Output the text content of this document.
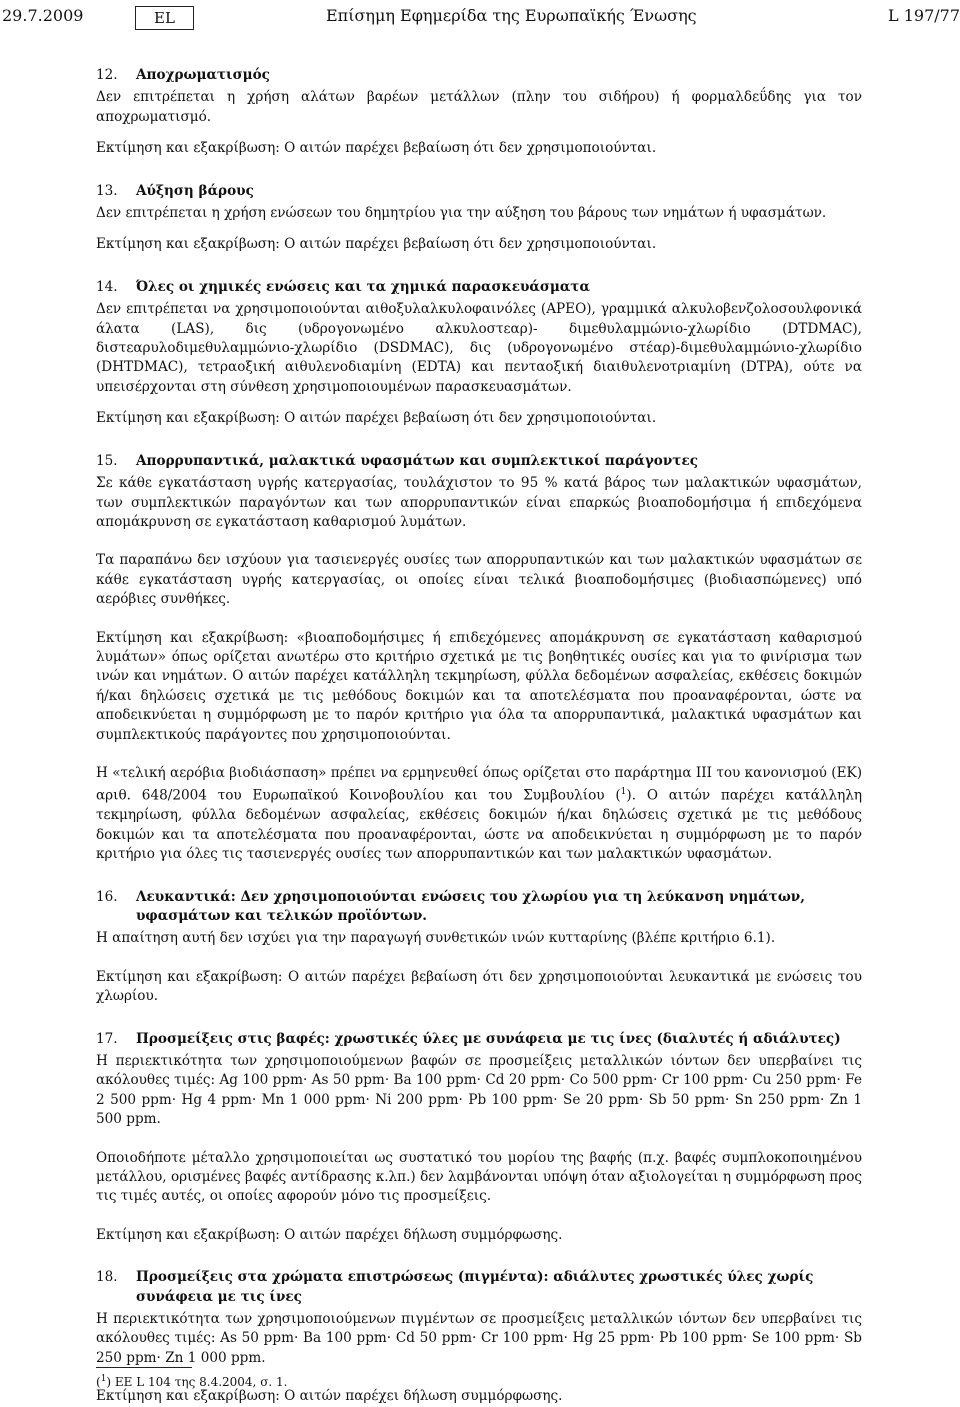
29.7.2009	EL	Επίσημη Εφημερίδα της Ευρωπαϊκής Ένωσης	L 197/77
12.	Αποχρωματισμός

Δεν επιτρέπεται η χρήση αλάτων βαρέων μετάλλων (πλην του σιδήρου) ή φορμαλδεΰδης για τον αποχρωματισμό.

Εκτίμηση και εξακρίβωση: Ο αιτών παρέχει βεβαίωση ότι δεν χρησιμοποιούνται.

13.	Αύξηση βάρους

Δεν επιτρέπεται η χρήση ενώσεων του δημητρίου για την αύξηση του βάρους των νημάτων ή υφασμάτων.

Εκτίμηση και εξακρίβωση: Ο αιτών παρέχει βεβαίωση ότι δεν χρησιμοποιούνται.

14.	Όλες οι χημικές ενώσεις και τα χημικά παρασκευάσματα

Δεν επιτρέπεται να χρησιμοποιούνται αιθοξυλαλκυλοφαινόλες (APEO), γραμμικά αλκυλοβενζολοσουλφονικά άλατα (LAS), δις (υδρογονωμένο αλκυλοστεαρ)- διμεθυλαμμώνιο-χλωρίδιο (DTDMAC), διστεαρυλοδιμεθυλαμμώνιο-χλωρίδιο (DSDMAC), δις (υδρογονωμένο στέαρ)-διμεθυλαμμώνιο-χλωρίδιο (DHTDMAC), τετραοξική αιθυλενοδιαμίνη (EDTA) και πενταοξική διαιθυλενοτριαμίνη (DTPA), ούτε να υπεισέρχονται στη σύνθεση χρησιμοποιουμένων παρασκευασμάτων.

Εκτίμηση και εξακρίβωση: Ο αιτών παρέχει βεβαίωση ότι δεν χρησιμοποιούνται.

15.	Απορρυπαντικά, μαλακτικά υφασμάτων και συμπλεκτικοί παράγοντες

Σε κάθε εγκατάσταση υγρής κατεργασίας, τουλάχιστον το 95 % κατά βάρος των μαλακτικών υφασμάτων, των συμπλεκτικών παραγόντων και των απορρυπαντικών είναι επαρκώς βιοαποδομήσιμα ή επιδεχόμενα απομάκρυνση σε εγκατάσταση καθαρισμού λυμάτων.

Τα παραπάνω δεν ισχύουν για τασιενεργές ουσίες των απορρυπαντικών και των μαλακτικών υφασμάτων σε κάθε εγκατάσταση υγρής κατεργασίας, οι οποίες είναι τελικά βιοαποδομήσιμες (βιοδιασπώμενες) υπό αερόβιες συνθήκες.

Εκτίμηση και εξακρίβωση: «βιοαποδομήσιμες ή επιδεχόμενες απομάκρυνση σε εγκατάσταση καθαρισμού λυμάτων» όπως ορίζεται ανωτέρω στο κριτήριο σχετικά με τις βοηθητικές ουσίες και για το φινίρισμα των ινών και νημάτων. Ο αιτών παρέχει κατάλληλη τεκμηρίωση, φύλλα δεδομένων ασφαλείας, εκθέσεις δοκιμών ή/και δηλώσεις σχετικά με τις μεθόδους δοκιμών και τα αποτελέσματα που προαναφέρονται, ώστε να αποδεικνύεται η συμμόρφωση με το παρόν κριτήριο για όλα τα απορρυπαντικά, μαλακτικά υφασμάτων και συμπλεκτικούς παράγοντες που χρησιμοποιούνται.

Η «τελική αερόβια βιοδιάσπαση» πρέπει να ερμηνευθεί όπως ορίζεται στο παράρτημα III του κανονισμού (ΕΚ) αριθ. 648/2004 του Ευρωπαϊκού Κοινοβουλίου και του Συμβουλίου ($^1$). Ο αιτών παρέχει κατάλληλη τεκμηρίωση, φύλλα δεδομένων ασφαλείας, εκθέσεις δοκιμών ή/και δηλώσεις σχετικά με τις μεθόδους δοκιμών και τα αποτελέσματα που προαναφέρονται, ώστε να αποδεικνύεται η συμμόρφωση με το παρόν κριτήριο για όλες τις τασιενεργές ουσίες των απορρυπαντικών και των μαλακτικών υφασμάτων.

16.	Λευκαντικά: Δεν χρησιμοποιούνται ενώσεις του χλωρίου για τη λεύκανση νημάτων, υφασμάτων και τελικών προϊόντων.

Η απαίτηση αυτή δεν ισχύει για την παραγωγή συνθετικών ινών κυτταρίνης (βλέπε κριτήριο 6.1).

Εκτίμηση και εξακρίβωση: Ο αιτών παρέχει βεβαίωση ότι δεν χρησιμοποιούνται λευκαντικά με ενώσεις του χλωρίου.

17.	Προσμείξεις στις βαφές: χρωστικές ύλες με συνάφεια με τις ίνες (διαλυτές ή αδιάλυτες)

Η περιεκτικότητα των χρησιμοποιούμενων βαφών σε προσμείξεις μεταλλικών ιόντων δεν υπερβαίνει τις ακόλουθες τιμές: Ag 100 ppm· As 50 ppm· Ba 100 ppm· Cd 20 ppm· Co 500 ppm· Cr 100 ppm· Cu 250 ppm· Fe 2 500 ppm· Hg 4 ppm· Mn 1 000 ppm· Ni 200 ppm· Pb 100 ppm· Se 20 ppm· Sb 50 ppm· Sn 250 ppm· Zn 1 500 ppm.

Οποιοδήποτε μέταλλο χρησιμοποιείται ως συστατικό του μορίου της βαφής (π.χ. βαφές συμπλοκοποιημένου μετάλλου, ορισμένες βαφές αντίδρασης κ.λπ.) δεν λαμβάνονται υπόψη όταν αξιολογείται η συμμόρφωση προς τις τιμές αυτές, οι οποίες αφορούν μόνο τις προσμείξεις.

Εκτίμηση και εξακρίβωση: Ο αιτών παρέχει δήλωση συμμόρφωσης.

18.	Προσμείξεις στα χρώματα επιστρώσεως (πιγμέντα): αδιάλυτες χρωστικές ύλες χωρίς συνάφεια με τις ίνες

Η περιεκτικότητα των χρησιμοποιούμενων πιγμέντων σε προσμείξεις μεταλλικών ιόντων δεν υπερβαίνει τις ακόλουθες τιμές: As 50 ppm· Ba 100 ppm· Cd 50 ppm· Cr 100 ppm· Hg 25 ppm· Pb 100 ppm· Se 100 ppm· Sb 250 ppm· Zn 1 000 ppm.

Εκτίμηση και εξακρίβωση: Ο αιτών παρέχει δήλωση συμμόρφωσης.

($^1$) ΕΕ L 104 της 8.4.2004, σ. 1.
